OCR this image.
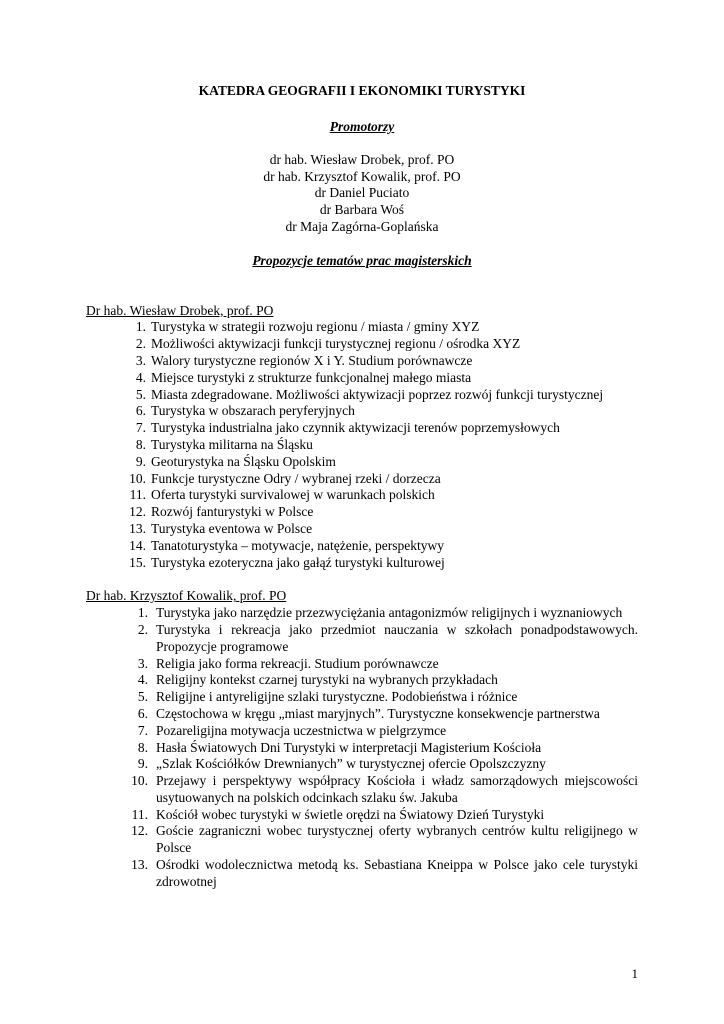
KATEDRA GEOGRAFII I EKONOMIKI TURYSTYKI

Promotorzy

dr hab. Wiesław Drobek, prof. PO

dr hab. Krzysztof Kowalik, prof. PO

dr Daniel Puciato

dr Barbara Woś

dr Maja Zagórna-Goplańska

Propozycje tematów prac magisterskich

Dr hab. Wiesław Drobek, prof. PO

1. Turystyka w strategii rozwoju regionu / miasta / gminy XYZ
2. Możliwości aktywizacji funkcji turystycznej regionu / ośrodka XYZ
3. Walory turystyczne regionów X i Y. Studium porównawcze
4. Miejsce turystyki z strukturze funkcjonalnej małego miasta
5. Miasta zdegradowane. Możliwości aktywizacji poprzez rozwój funkcji turystycznej
6. Turystyka w obszarach peryferyjnych
7. Turystyka industrialna jako czynnik aktywizacji terenów poprzemysłowych
8. Turystyka militarna na Śląsku
9. Geoturystyka na Śląsku Opolskim
10. Funkcje turystyczne Odry / wybranej rzeki / dorzecza
11. Oferta turystyki survivalowej w warunkach polskich
12. Rozwój fanturystyki w Polsce
13. Turystyka eventowa w Polsce
14. Tanatoturystyka – motywacje, natężenie, perspektywy
15. Turystyka ezoteryczna jako gałąź turystyki kulturowej

Dr hab. Krzysztof Kowalik, prof. PO

1. Turystyka jako narzędzie przezwyciężania antagonizmów religijnych i wyznaniowych
2. Turystyka i rekreacja jako przedmiot nauczania w szkołach ponadpodstawowych. Propozycje programowe
3. Religia jako forma rekreacji. Studium porównawcze
4. Religijny kontekst czarnej turystyki na wybranych przykładach
5. Religijne i antyreligijne szlaki turystyczne. Podobieństwa i różnice
6. Częstochowa w kręgu „miast maryjnych”. Turystyczne konsekwencje partnerstwa
7. Pozareligijna motywacja uczestnictwa w pielgrzymce
8. Hasła Światowych Dni Turystyki w interpretacji Magisterium Kościoła
9. „Szlak Kościółków Drewnianych” w turystycznej ofercie Opolszczyzny
10. Przejawy i perspektywy współpracy Kościoła i władz samorządowych miejscowości usytuowanych na polskich odcinkach szlaku św. Jakuba
11. Kościół wobec turystyki w świetle orędzi na Światowy Dzień Turystyki
12. Goście zagraniczni wobec turystycznej oferty wybranych centrów kultu religijnego w Polsce
13. Ośrodki wodolecznictwa metodą ks. Sebastiana Kneippa w Polsce jako cele turystyki zdrowotnej
1
